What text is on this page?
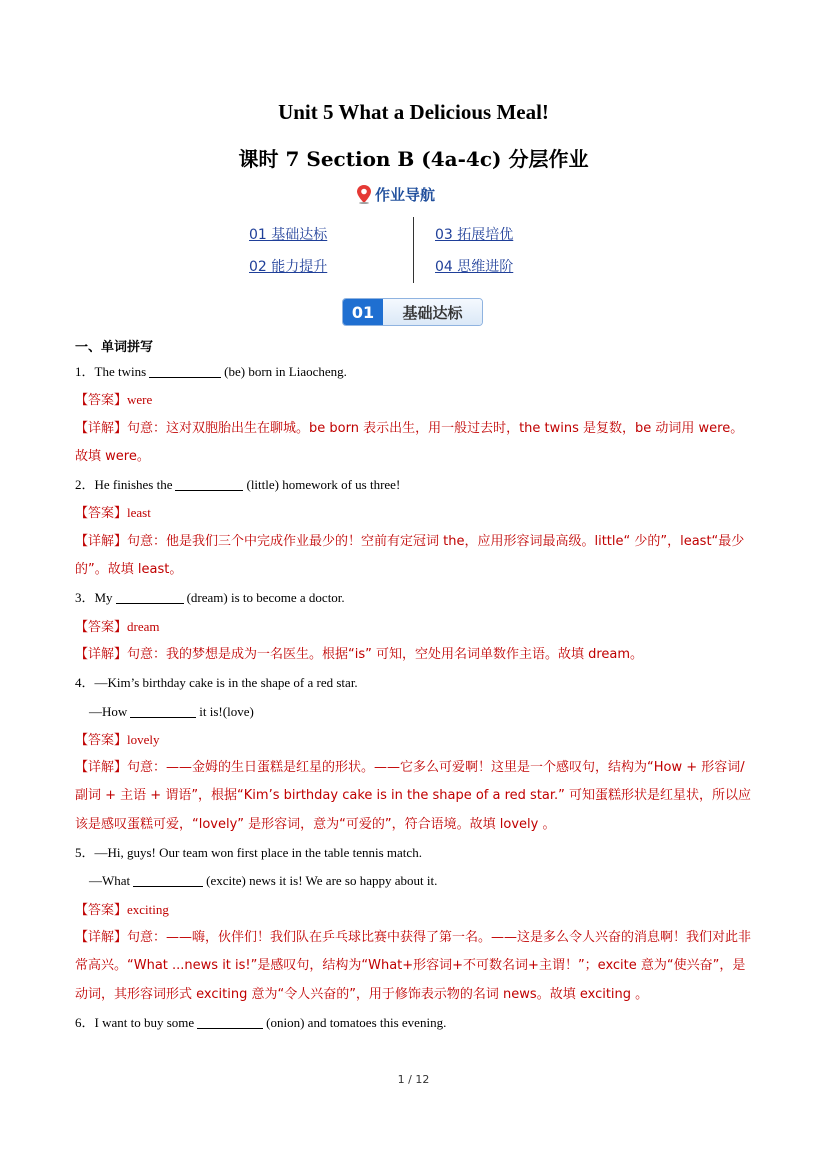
Unit 5 What a Delicious Meal!
课时 7 Section B (4a-4c) 分层作业
作业导航
01 基础达标	03 拓展培优
02 能力提升	04 思维进阶
01	基础达标
一、单词拼写
1．The twins	(be) born in Liaocheng.
【答案】were
【详解】句意：这对双胞胎出生在聊城。be born 表示出生，用一般过去时，the twins 是复数，be 动词用 were。故填 were。
2．He finishes the	(little) homework of us three!
【答案】least
【详解】句意：他是我们三个中完成作业最少的！空前有定冠词 the，应用形容词最高级。little“ 少的”，least“最少的”。故填 least。
3．My	(dream) is to become a doctor.
【答案】dream
【详解】句意：我的梦想是成为一名医生。根据“is” 可知，空处用名词单数作主语。故填 dream。
4．—Kim’s birthday cake is in the shape of a red star.
—How	it is!(love)
【答案】lovely
【详解】句意：——金姆的生日蛋糕是红星的形状。——它多么可爱啊！这里是一个感叹句，结构为“How + 形容词/副词 + 主语 + 谓语”，根据“Kim’s birthday cake is in the shape of a red star.” 可知蛋糕形状是红星状，所以应该是感叹蛋糕可爱，“lovely” 是形容词，意为“可爱的”，符合语境。故填 lovely 。
5．—Hi, guys! Our team won first place in the table tennis match.
—What	(excite) news it is! We are so happy about it.
【答案】exciting
【详解】句意：——嗨，伙伴们！我们队在乒乓球比赛中获得了第一名。——这是多么令人兴奋的消息啊！我们对此非常高兴。“What ...news it is!”是感叹句，结构为“What+形容词+不可数名词+主谓！”；excite 意为“使兴奋”，是动词，其形容词形式 exciting 意为“令人兴奋的”，用于修饰表示物的名词 news。故填 exciting 。
6．I want to buy some	(onion) and tomatoes this evening.
1 / 12
